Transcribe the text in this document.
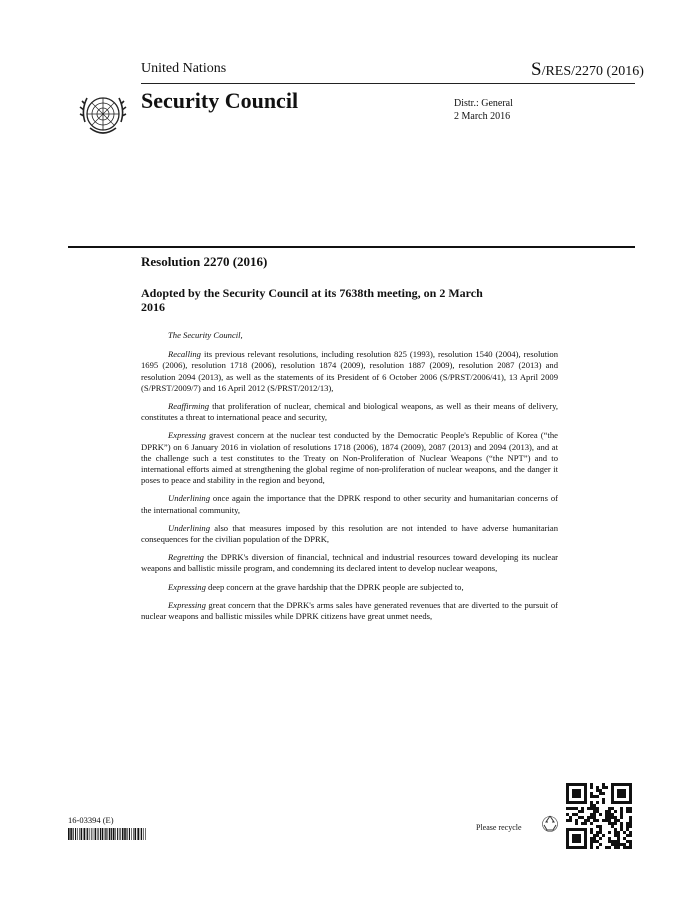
United Nations	S/RES/2270 (2016)
Security Council	Distr.: General
2 March 2016
Resolution 2270 (2016)
Adopted by the Security Council at its 7638th meeting, on 2 March 2016

The Security Council,

Recalling its previous relevant resolutions, including resolution 825 (1993), resolution 1540 (2004), resolution 1695 (2006), resolution 1718 (2006), resolution 1874 (2009), resolution 1887 (2009), resolution 2087 (2013) and resolution 2094 (2013), as well as the statements of its President of 6 October 2006 (S/PRST/2006/41), 13 April 2009 (S/PRST/2009/7) and 16 April 2012 (S/PRST/2012/13),

Reaffirming that proliferation of nuclear, chemical and biological weapons, as well as their means of delivery, constitutes a threat to international peace and security,

Expressing gravest concern at the nuclear test conducted by the Democratic People's Republic of Korea (“the DPRK”) on 6 January 2016 in violation of resolutions 1718 (2006), 1874 (2009), 2087 (2013) and 2094 (2013), and at the challenge such a test constitutes to the Treaty on Non-Proliferation of Nuclear Weapons (“the NPT”) and to international efforts aimed at strengthening the global regime of non-proliferation of nuclear weapons, and the danger it poses to peace and stability in the region and beyond,

Underlining once again the importance that the DPRK respond to other security and humanitarian concerns of the international community,

Underlining also that measures imposed by this resolution are not intended to have adverse humanitarian consequences for the civilian population of the DPRK,

Regretting the DPRK's diversion of financial, technical and industrial resources toward developing its nuclear weapons and ballistic missile program, and condemning its declared intent to develop nuclear weapons,

Expressing deep concern at the grave hardship that the DPRK people are subjected to,

Expressing great concern that the DPRK's arms sales have generated revenues that are diverted to the pursuit of nuclear weapons and ballistic missiles while DPRK citizens have great unmet needs,

16-03394 (E)
Please recycle
